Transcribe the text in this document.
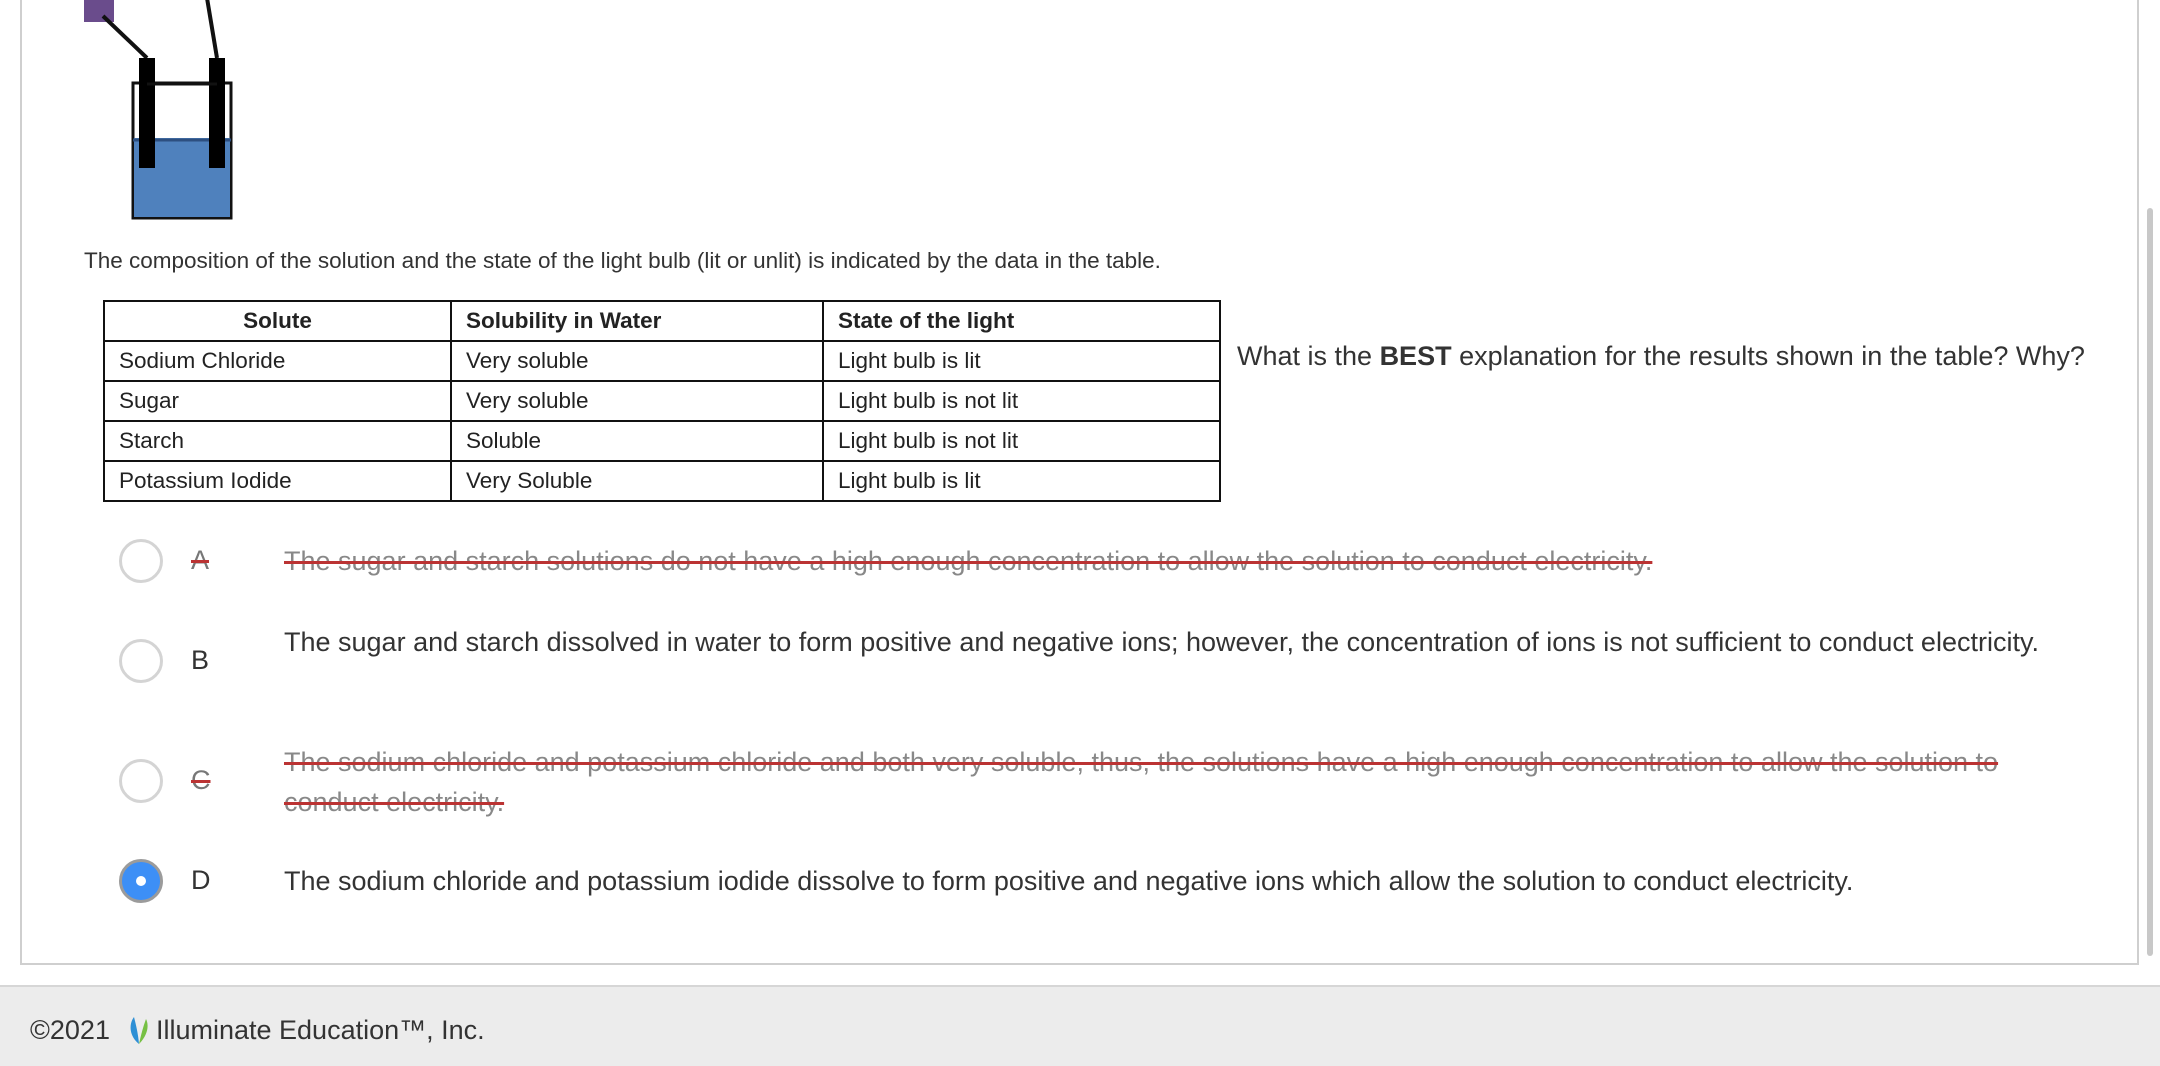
The composition of the solution and the state of the light bulb (lit or unlit) is indicated by the data in the table.
Solute	Solubility in Water	State of the light
Sodium Chloride	Very soluble	Light bulb is lit
Sugar	Very soluble	Light bulb is not lit
Starch	Soluble	Light bulb is not lit
Potassium Iodide	Very Soluble	Light bulb is lit
What is the BEST explanation for the results shown in the table? Why?
A	The sugar and starch solutions do not have a high enough concentration to allow the solution to conduct electricity.
B
The sugar and starch dissolved in water to form positive and negative ions; however, the concentration of ions is not sufficient to conduct electricity.
C
The sodium chloride and potassium chloride and both very soluble, thus, the solutions have a high enough concentration to allow the solution to conduct electricity.
D	The sodium chloride and potassium iodide dissolve to form positive and negative ions which allow the solution to conduct electricity.
©2021 Illuminate Education™, Inc.
